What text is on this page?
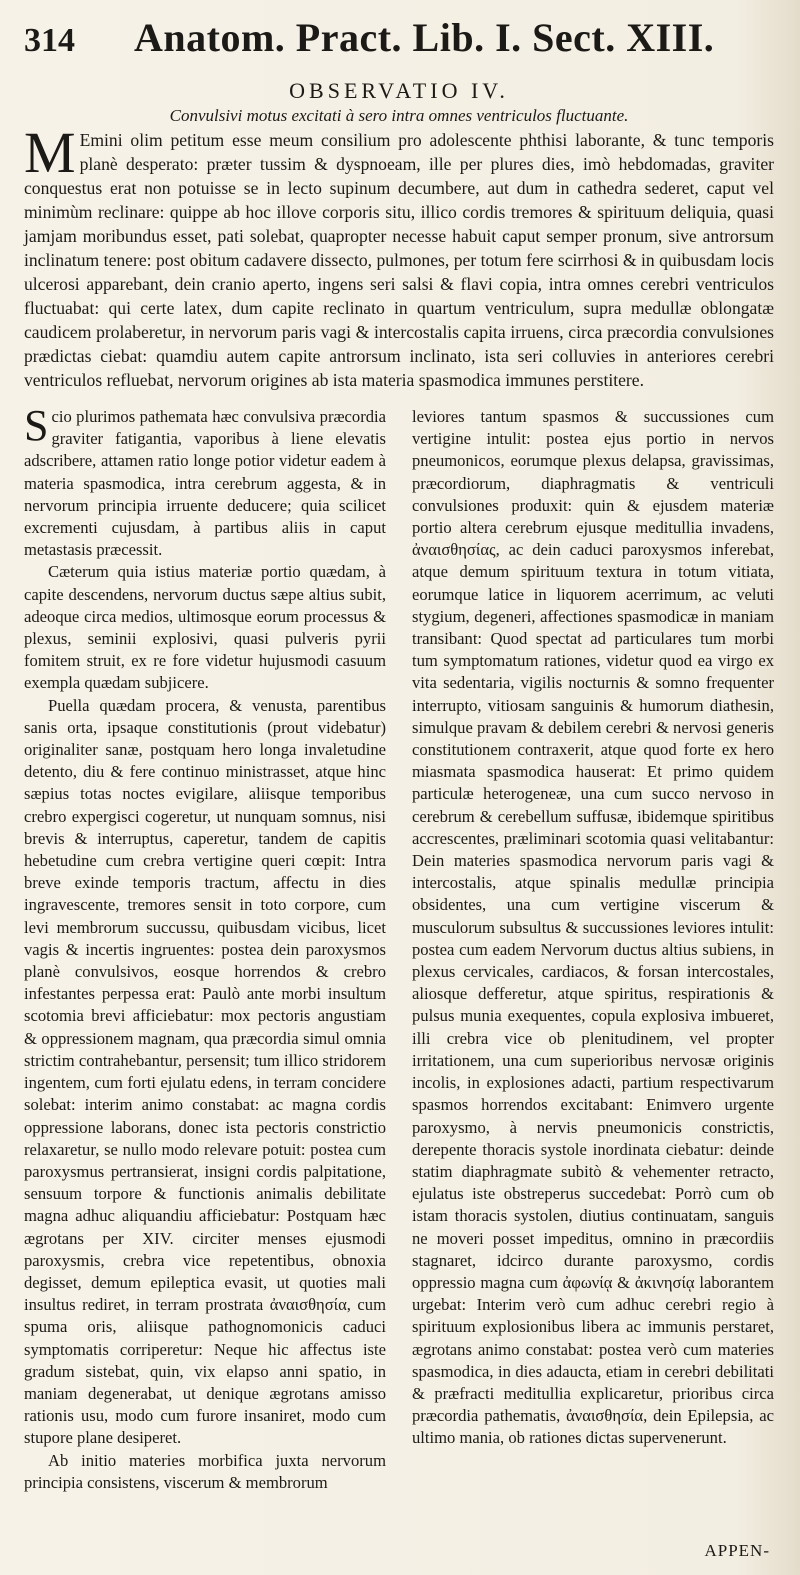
314	Anatom. Pract. Lib. I. Sect. XIII.
OBSERVATIO IV.
Convulsivi motus excitati à sero intra omnes ventriculos fluctuante.
M Emini olim petitum esse meum consilium pro adolescente phthisi laborante, & tunc temporis planè desperato: præter tussim & dyspnoeam, ille per plures dies, imò hebdomadas, graviter conquestus erat non potuisse se in lecto supinum decumbere, aut dum in cathedra sederet, caput vel minimùm reclinare: quippe ab hoc illove corporis situ, illico cordis tremores & spirituum deliquia, quasi jamjam moribundus esset, pati solebat, quapropter necesse habuit caput semper pronum, sive antrorsum inclinatum tenere: post obitum cadavere dissecto, pulmones, per totum fere scirrhosi & in quibusdam locis ulcerosi apparebant, dein cranio aperto, ingens seri salsi & flavi copia, intra omnes cerebri ventriculos fluctuabat: qui certe latex, dum capite reclinato in quartum ventriculum, supra medullæ oblongatæ caudicem prolaberetur, in nervorum paris vagi & intercostalis capita irruens, circa præcordia convulsiones prædictas ciebat: quamdiu autem capite antrorsum inclinato, ista seri colluvies in anteriores cerebri ventriculos refluebat, nervorum origines ab ista materia spasmodica immunes perstitere.

Scio plurimos pathemata hæc convulsiva præcordia graviter fatigantia, vaporibus à liene elevatis adscribere, attamen ratio longe potior videtur eadem à materia spasmodica, intra cerebrum aggesta, & in nervorum principia irruente deducere; quia scilicet excrementi cujusdam, à partibus aliis in caput metastasis præcessit.

Cæterum quia istius materiæ portio quædam, à capite descendens, nervorum ductus sæpe altius subit, adeoque circa medios, ultimosque eorum processus & plexus, seminii explosivi, quasi pulveris pyrii fomitem struit, ex re fore videtur hujusmodi casuum exempla quædam subjicere.

Puella quædam procera, & venusta, parentibus sanis orta, ipsaque constitutionis (prout videbatur) originaliter sanæ, postquam hero longa invaletudine detento, diu & fere continuo ministrasset, atque hinc sæpius totas noctes evigilare, aliisque temporibus crebro expergisci cogeretur, ut nunquam somnus, nisi brevis & interruptus, caperetur, tandem de capitis hebetudine cum crebra vertigine queri cœpit: Intra breve exinde temporis tractum, affectu in dies ingravescente, tremores sensit in toto corpore, cum levi membrorum succussu, quibusdam vicibus, licet vagis & incertis ingruentes: postea dein paroxysmos planè convulsivos, eosque horrendos & crebro infestantes perpessa erat: Paulò ante morbi insultum scotomia brevi afficiebatur: mox pectoris angustiam & oppressionem magnam, qua præcordia simul omnia strictim contrahebantur, persensit; tum illico stridorem ingentem, cum forti ejulatu edens, in terram concidere solebat: interim animo constabat: ac magna cordis oppressione laborans, donec ista pectoris constrictio relaxaretur, se nullo modo relevare potuit: postea cum paroxysmus pertransierat, insigni cordis palpitatione, sensuum torpore & functionis animalis debilitate magna adhuc aliquandiu afficiebatur: Postquam hæc ægrotans per XIV. circiter menses ejusmodi paroxysmis, crebra vice repetentibus, obnoxia degisset, demum epileptica evasit, ut quoties mali insultus rediret, in terram prostrata ἀναισθησία, cum spuma oris, aliisque pathognomonicis caduci symptomatis corriperetur: Neque hic affectus iste gradum sistebat, quin, vix elapso anni spatio, in maniam degenerabat, ut denique ægrotans amisso rationis usu, modo cum furore insaniret, modo cum stupore plane desiperet.

Ab initio materies morbifica juxta nervorum principia consistens, viscerum & membrorum

leviores tantum spasmos & succussiones cum vertigine intulit: postea ejus portio in nervos pneumonicos, eorumque plexus delapsa, gravissimas, præcordiorum, diaphragmatis & ventriculi convulsiones produxit: quin & ejusdem materiæ portio altera cerebrum ejusque meditullia invadens, ἀναισθησίας, ac dein caduci paroxysmos inferebat, atque demum spirituum textura in totum vitiata, eorumque latice in liquorem acerrimum, ac veluti stygium, degeneri, affectiones spasmodicæ in maniam transibant: Quod spectat ad particulares tum morbi tum symptomatum rationes, videtur quod ea virgo ex vita sedentaria, vigilis nocturnis & somno frequenter interrupto, vitiosam sanguinis & humorum diathesin, simulque pravam & debilem cerebri & nervosi generis constitutionem contraxerit, atque quod forte ex hero miasmata spasmodica hauserat: Et primo quidem particulæ heterogeneæ, una cum succo nervoso in cerebrum & cerebellum suffusæ, ibidemque spiritibus accrescentes, præliminari scotomia quasi velitabantur: Dein materies spasmodica nervorum paris vagi & intercostalis, atque spinalis medullæ principia obsidentes, una cum vertigine viscerum & musculorum subsultus & succussiones leviores intulit: postea cum eadem Nervorum ductus altius subiens, in plexus cervicales, cardiacos, & forsan intercostales, aliosque defferetur, atque spiritus, respirationis & pulsus munia exequentes, copula explosiva imbueret, illi crebra vice ob plenitudinem, vel propter irritationem, una cum superioribus nervosæ originis incolis, in explosiones adacti, partium respectivarum spasmos horrendos excitabant: Enimvero urgente paroxysmo, à nervis pneumonicis constrictis, derepente thoracis systole inordinata ciebatur: deinde statim diaphragmate subitò & vehementer retracto, ejulatus iste obstreperus succedebat: Porrò cum ob istam thoracis systolen, diutius continuatam, sanguis ne moveri posset impeditus, omnino in præcordiis stagnaret, idcirco durante paroxysmo, cordis oppressio magna cum ἀφωνίᾳ & ἀκινησίᾳ laborantem urgebat: Interim verò cum adhuc cerebri regio à spirituum explosionibus libera ac immunis perstaret, ægrotans animo constabat: postea verò cum materies spasmodica, in dies adaucta, etiam in cerebri debilitati & præfracti meditullia explicaretur, prioribus circa præcordia pathematis, ἀναισθησία, dein Epilepsia, ac ultimo mania, ob rationes dictas supervenerunt.

APPEN-
